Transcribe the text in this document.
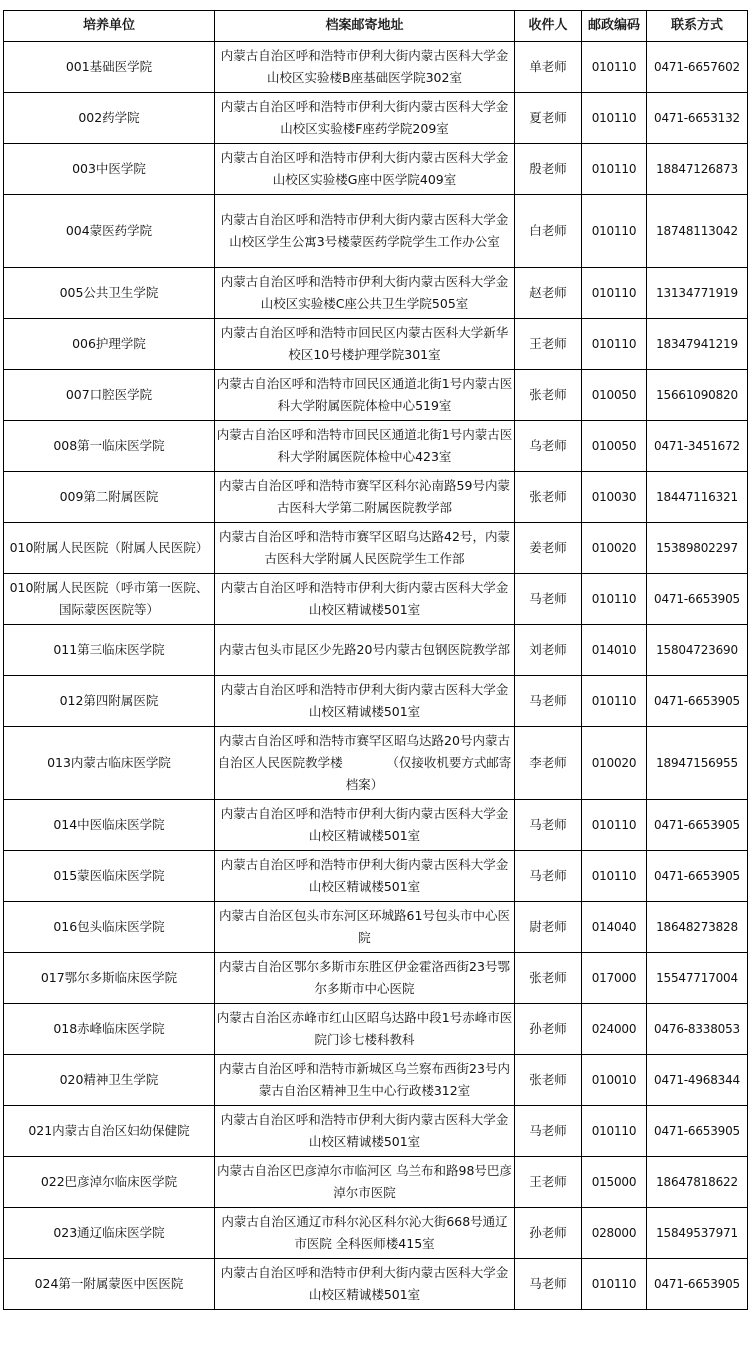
培养单位	档案邮寄地址	收件人	邮政编码	联系方式
001基础医学院	内蒙古自治区呼和浩特市伊利大街内蒙古医科大学金山校区实验楼B座基础医学院302室	单老师	010110	0471-6657602
002药学院	内蒙古自治区呼和浩特市伊利大街内蒙古医科大学金山校区实验楼F座药学院209室	夏老师	010110	0471-6653132
003中医学院	内蒙古自治区呼和浩特市伊利大街内蒙古医科大学金山校区实验楼G座中医学院409室	殷老师	010110	18847126873
004蒙医药学院	内蒙古自治区呼和浩特市伊利大街内蒙古医科大学金山校区学生公寓3号楼蒙医药学院学生工作办公室	白老师	010110	18748113042
005公共卫生学院	内蒙古自治区呼和浩特市伊利大街内蒙古医科大学金山校区实验楼C座公共卫生学院505室	赵老师	010110	13134771919
006护理学院	内蒙古自治区呼和浩特市回民区内蒙古医科大学新华校区10号楼护理学院301室	王老师	010110	18347941219
007口腔医学院	内蒙古自治区呼和浩特市回民区通道北街1号内蒙古医科大学附属医院体检中心519室	张老师	010050	15661090820
008第一临床医学院	内蒙古自治区呼和浩特市回民区通道北街1号内蒙古医科大学附属医院体检中心423室	乌老师	010050	0471-3451672
009第二附属医院	内蒙古自治区呼和浩特市赛罕区科尔沁南路59号内蒙古医科大学第二附属医院教学部	张老师	010030	18447116321
010附属人民医院（附属人民医院）	内蒙古自治区呼和浩特市赛罕区昭乌达路42号，内蒙古医科大学附属人民医院学生工作部	姜老师	010020	15389802297
010附属人民医院（呼市第一医院、国际蒙医医院等）	内蒙古自治区呼和浩特市伊利大街内蒙古医科大学金山校区精诚楼501室	马老师	010110	0471-6653905
011第三临床医学院	内蒙古包头市昆区少先路20号内蒙古包钢医院教学部	刘老师	014010	15804723690
012第四附属医院	内蒙古自治区呼和浩特市伊利大街内蒙古医科大学金山校区精诚楼501室	马老师	010110	0471-6653905
013内蒙古临床医学院	内蒙古自治区呼和浩特市赛罕区昭乌达路20号内蒙古自治区人民医院教学楼　　　　（仅接收机要方式邮寄档案）	李老师	010020	18947156955
014中医临床医学院	内蒙古自治区呼和浩特市伊利大街内蒙古医科大学金山校区精诚楼501室	马老师	010110	0471-6653905
015蒙医临床医学院	内蒙古自治区呼和浩特市伊利大街内蒙古医科大学金山校区精诚楼501室	马老师	010110	0471-6653905
016包头临床医学院	内蒙古自治区包头市东河区环城路61号包头市中心医院	尉老师	014040	18648273828
017鄂尔多斯临床医学院	内蒙古自治区鄂尔多斯市东胜区伊金霍洛西街23号鄂尔多斯市中心医院	张老师	017000	15547717004
018赤峰临床医学院	内蒙古自治区赤峰市红山区昭乌达路中段1号赤峰市医院门诊七楼科教科	孙老师	024000	0476-8338053
020精神卫生学院	内蒙古自治区呼和浩特市新城区乌兰察布西街23号内蒙古自治区精神卫生中心行政楼312室	张老师	010010	0471-4968344
021内蒙古自治区妇幼保健院	内蒙古自治区呼和浩特市伊利大街内蒙古医科大学金山校区精诚楼501室	马老师	010110	0471-6653905
022巴彦淖尔临床医学院	内蒙古自治区巴彦淖尔市临河区 乌兰布和路98号巴彦淖尔市医院	王老师	015000	18647818622
023通辽临床医学院	内蒙古自治区通辽市科尔沁区科尔沁大街668号通辽市医院 全科医师楼415室	孙老师	028000	15849537971
024第一附属蒙医中医医院	内蒙古自治区呼和浩特市伊利大街内蒙古医科大学金山校区精诚楼501室	马老师	010110	0471-6653905
